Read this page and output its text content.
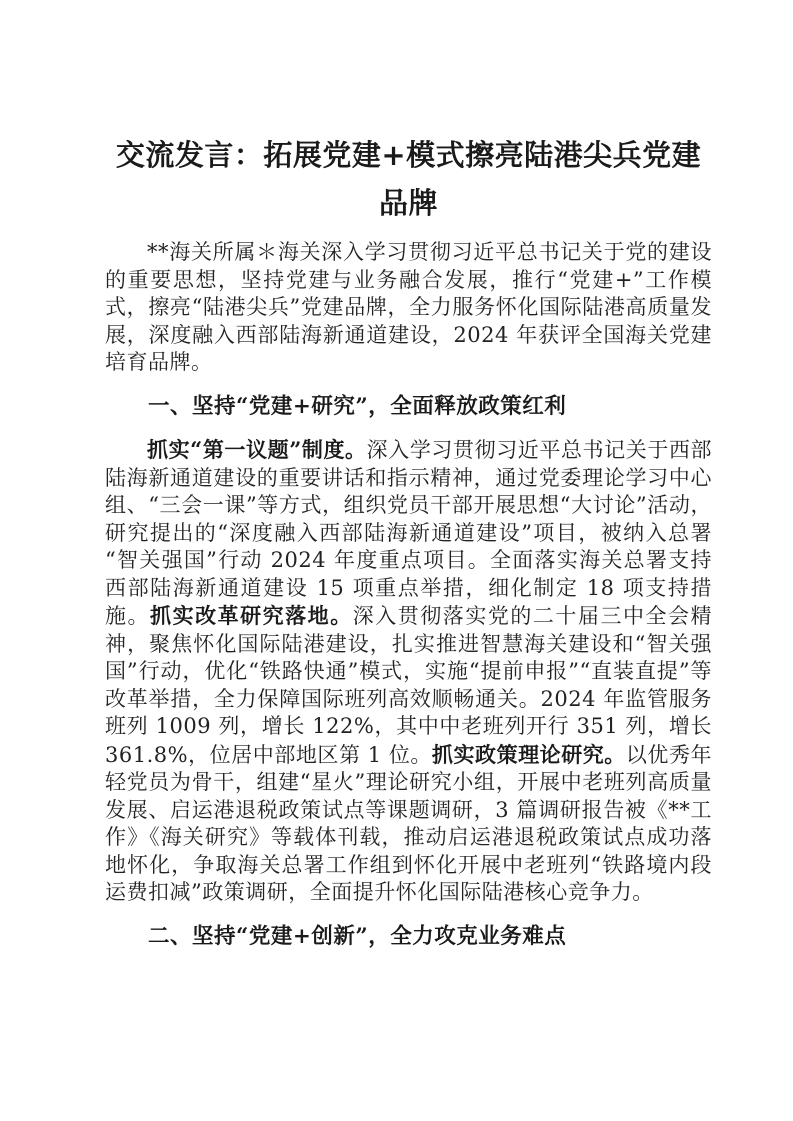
交流发言：拓展党建+模式擦亮陆港尖兵党建品牌

**海关所属＊海关深入学习贯彻习近平总书记关于党的建设的重要思想，坚持党建与业务融合发展，推行“党建+”工作模式，擦亮“陆港尖兵”党建品牌，全力服务怀化国际陆港高质量发展，深度融入西部陆海新通道建设，2024 年获评全国海关党建培育品牌。

一、坚持“党建+研究”，全面释放政策红利

抓实“第一议题”制度。深入学习贯彻习近平总书记关于西部陆海新通道建设的重要讲话和指示精神，通过党委理论学习中心组、“三会一课”等方式，组织党员干部开展思想“大讨论”活动，研究提出的“深度融入西部陆海新通道建设”项目，被纳入总署“智关强国”行动 2024 年度重点项目。全面落实海关总署支持西部陆海新通道建设 15 项重点举措，细化制定 18 项支持措施。抓实改革研究落地。深入贯彻落实党的二十届三中全会精神，聚焦怀化国际陆港建设，扎实推进智慧海关建设和“智关强国”行动，优化“铁路快通”模式，实施“提前申报”“直装直提”等改革举措，全力保障国际班列高效顺畅通关。2024 年监管服务班列 1009 列，增长 122%，其中中老班列开行 351 列，增长 361.8%，位居中部地区第 1 位。抓实政策理论研究。以优秀年轻党员为骨干，组建“星火”理论研究小组，开展中老班列高质量发展、启运港退税政策试点等课题调研，3 篇调研报告被《**工作》《海关研究》等载体刊载，推动启运港退税政策试点成功落地怀化，争取海关总署工作组到怀化开展中老班列“铁路境内段运费扣减”政策调研，全面提升怀化国际陆港核心竞争力。

二、坚持“党建+创新”，全力攻克业务难点
